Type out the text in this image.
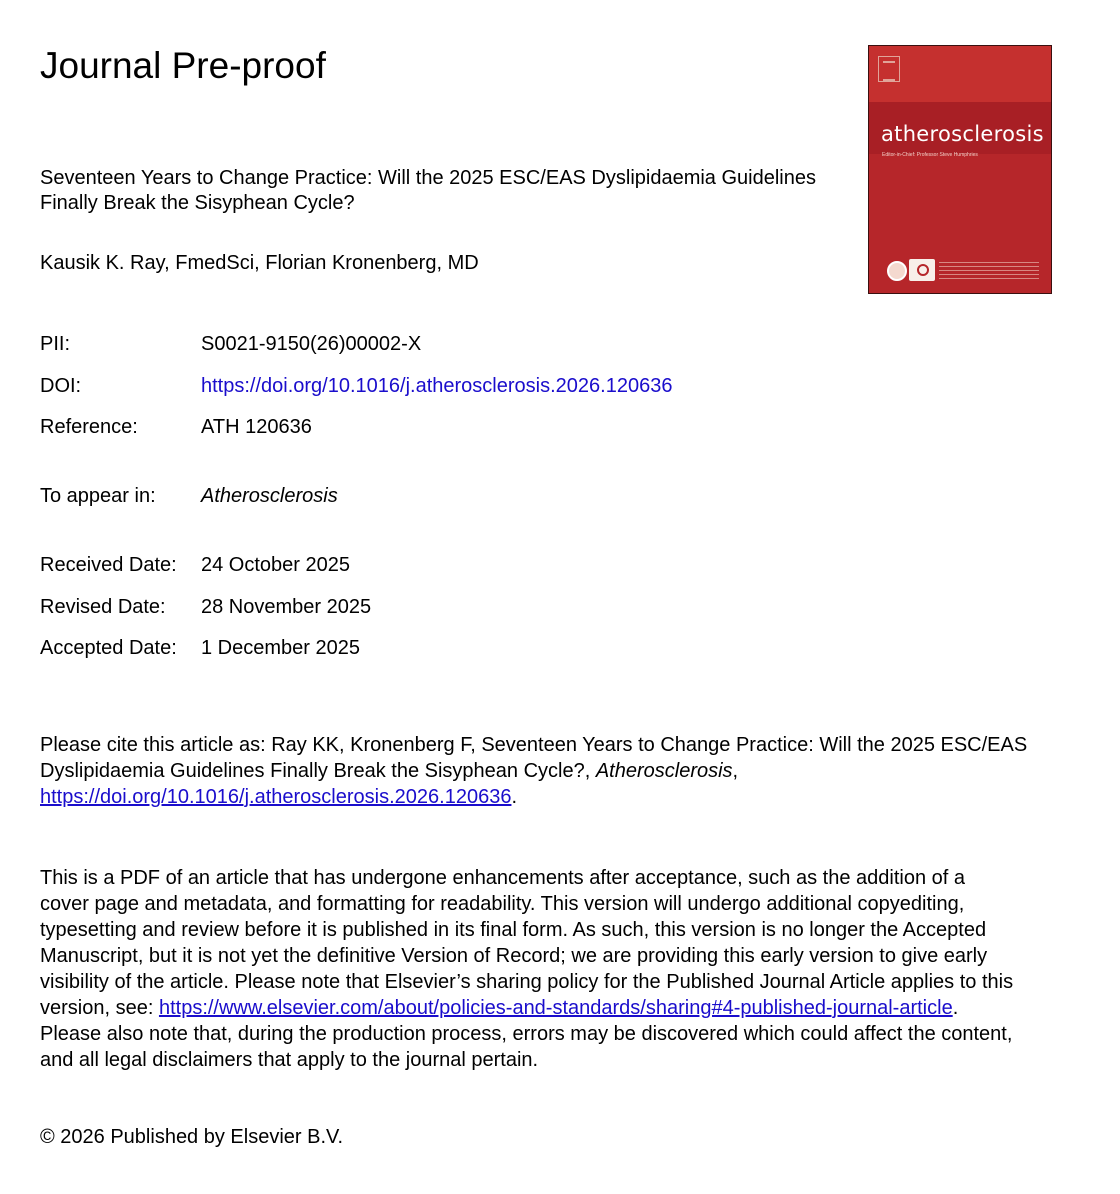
Journal Pre-proof
atherosclerosis
Editor-in-Chief: Professor Steve Humphries

Seventeen Years to Change Practice: Will the 2025 ESC/EAS Dyslipidaemia Guidelines Finally Break the Sisyphean Cycle?

Kausik K. Ray, FmedSci, Florian Kronenberg, MD
PII:	S0021-9150(26)00002-X
DOI:	https://doi.org/10.1016/j.atherosclerosis.2026.120636
Reference:	ATH 120636
To appear in: Atherosclerosis
Received Date: 24 October 2025
Revised Date: 28 November 2025
Accepted Date: 1 December 2025

Please cite this article as: Ray KK, Kronenberg F, Seventeen Years to Change Practice: Will the 2025 ESC/EAS Dyslipidaemia Guidelines Finally Break the Sisyphean Cycle?, Atherosclerosis, https://doi.org/10.1016/j.atherosclerosis.2026.120636.

This is a PDF of an article that has undergone enhancements after acceptance, such as the addition of a cover page and metadata, and formatting for readability. This version will undergo additional copyediting, typesetting and review before it is published in its final form. As such, this version is no longer the Accepted Manuscript, but it is not yet the definitive Version of Record; we are providing this early version to give early visibility of the article. Please note that Elsevier’s sharing policy for the Published Journal Article applies to this version, see: https://www.elsevier.com/about/policies-and-standards/sharing#4-published-journal-article. Please also note that, during the production process, errors may be discovered which could affect the content, and all legal disclaimers that apply to the journal pertain.

© 2026 Published by Elsevier B.V.
